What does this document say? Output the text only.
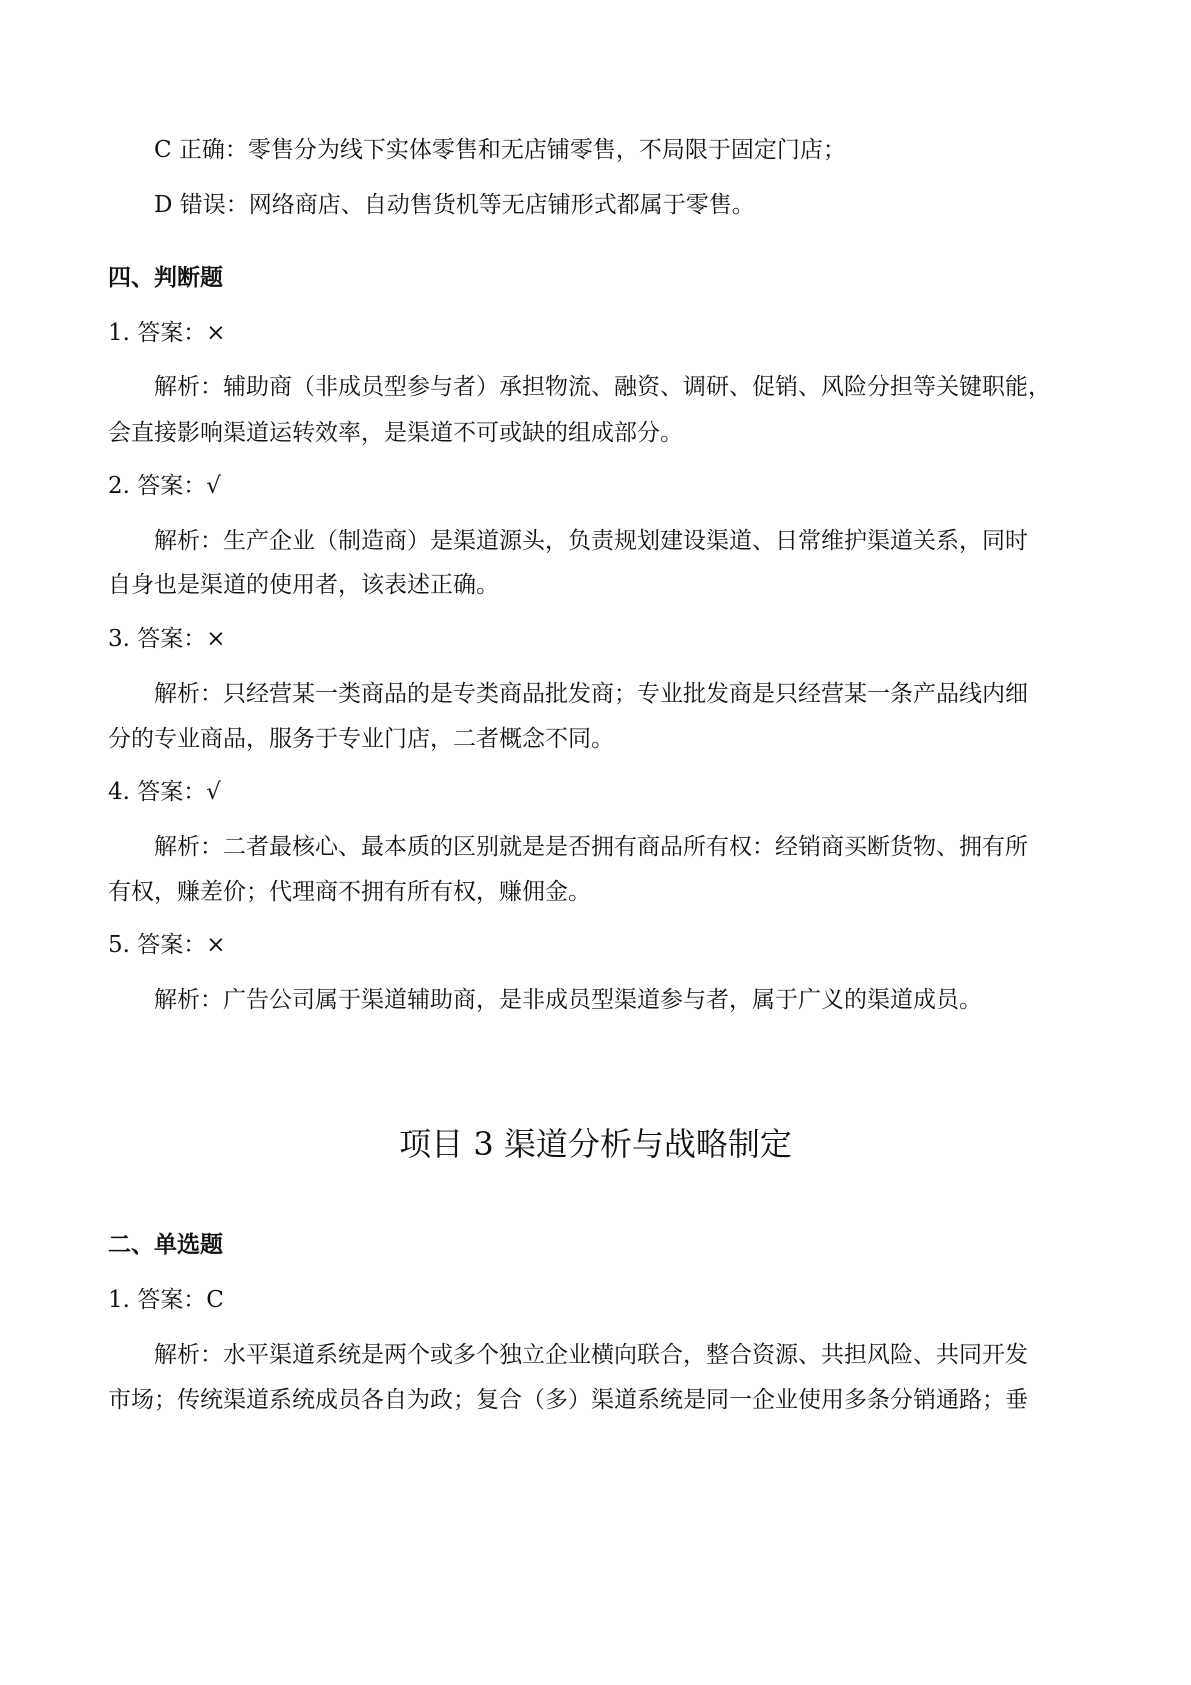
C 正确：零售分为线下实体零售和无店铺零售，不局限于固定门店；
D 错误：网络商店、自动售货机等无店铺形式都属于零售。
四、判断题
1. 答案：×
解析：辅助商（非成员型参与者）承担物流、融资、调研、促销、风险分担等关键职能，
会直接影响渠道运转效率，是渠道不可或缺的组成部分。
2. 答案：√
解析：生产企业（制造商）是渠道源头，负责规划建设渠道、日常维护渠道关系，同时
自身也是渠道的使用者，该表述正确。
3. 答案：×
解析：只经营某一类商品的是专类商品批发商；专业批发商是只经营某一条产品线内细
分的专业商品，服务于专业门店，二者概念不同。
4. 答案：√
解析：二者最核心、最本质的区别就是是否拥有商品所有权：经销商买断货物、拥有所
有权，赚差价；代理商不拥有所有权，赚佣金。
5. 答案：×
解析：广告公司属于渠道辅助商，是非成员型渠道参与者，属于广义的渠道成员。
项目 3 渠道分析与战略制定
二、单选题
1. 答案：C
解析：水平渠道系统是两个或多个独立企业横向联合，整合资源、共担风险、共同开发
市场；传统渠道系统成员各自为政；复合（多）渠道系统是同一企业使用多条分销通路；垂
